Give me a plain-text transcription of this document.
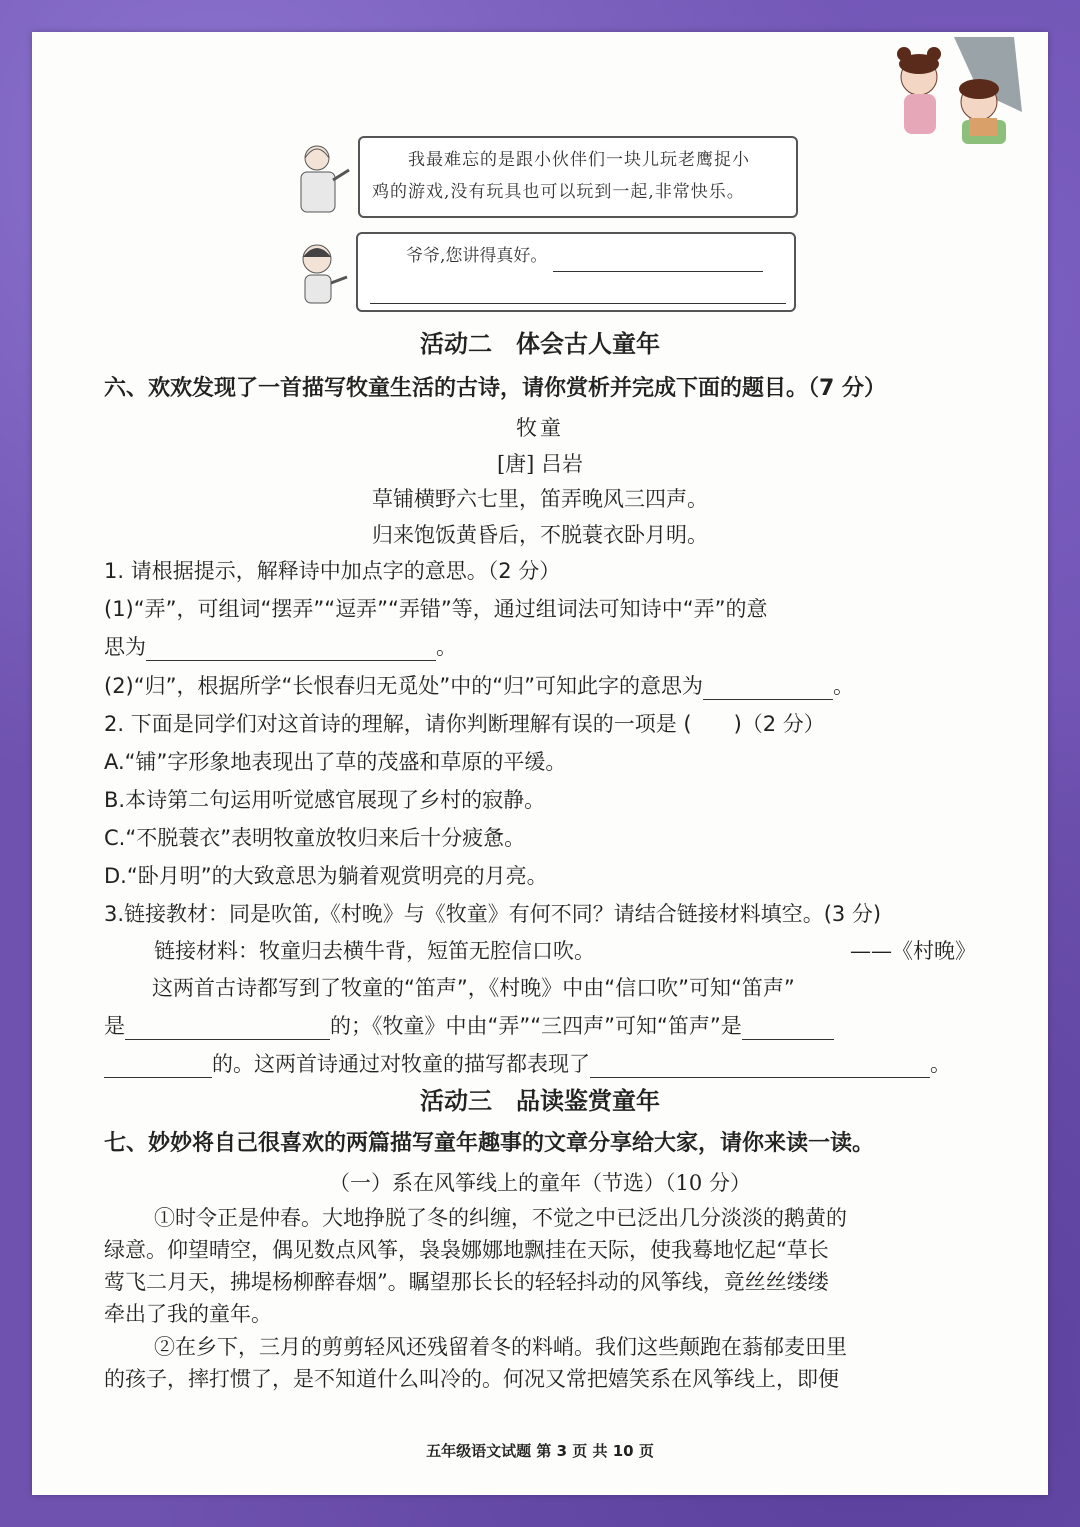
我最难忘的是跟小伙伴们一块儿玩老鹰捉小
鸡的游戏,没有玩具也可以玩到一起,非常快乐。
爷爷,您讲得真好。
活动二　体会古人童年
六、欢欢发现了一首描写牧童生活的古诗，请你赏析并完成下面的题目。（7 分）
牧童
[唐] 吕岩
草铺横野六七里，笛弄晚风三四声。
归来饱饭黄昏后，不脱蓑衣卧月明。
1. 请根据提示，解释诗中加点字的意思。（2 分）
(1)“弄”，可组词“摆弄”“逗弄”“弄错”等，通过组词法可知诗中“弄”的意
思为	。
(2)“归”，根据所学“长恨春归无觅处”中的“归”可知此字的意思为	。
2. 下面是同学们对这首诗的理解，请你判断理解有误的一项是 (　　)（2 分）
A.“铺”字形象地表现出了草的茂盛和草原的平缓。
B.本诗第二句运用听觉感官展现了乡村的寂静。
C.“不脱蓑衣”表明牧童放牧归来后十分疲惫。
D.“卧月明”的大致意思为躺着观赏明亮的月亮。
3.链接教材：同是吹笛,《村晚》与《牧童》有何不同？请结合链接材料填空。(3 分)
链接材料：牧童归去横牛背，短笛无腔信口吹。	——《村晚》
这两首古诗都写到了牧童的“笛声”，《村晚》中由“信口吹”可知“笛声”
是	的；《牧童》中由“弄”“三四声”可知“笛声”是
的。这两首诗通过对牧童的描写都表现了	。
活动三　品读鉴赏童年
七、妙妙将自己很喜欢的两篇描写童年趣事的文章分享给大家，请你来读一读。
（一）系在风筝线上的童年（节选）（10 分）
①时令正是仲春。大地挣脱了冬的纠缠，不觉之中已泛出几分淡淡的鹅黄的
绿意。仰望晴空，偶见数点风筝，袅袅娜娜地飘挂在天际，使我蓦地忆起“草长
莺飞二月天，拂堤杨柳醉春烟”。瞩望那长长的轻轻抖动的风筝线，竟丝丝缕缕
牵出了我的童年。
②在乡下，三月的剪剪轻风还残留着冬的料峭。我们这些颠跑在蓊郁麦田里
的孩子，摔打惯了，是不知道什么叫冷的。何况又常把嬉笑系在风筝线上，即便
五年级语文试题 第 3 页 共 10 页
